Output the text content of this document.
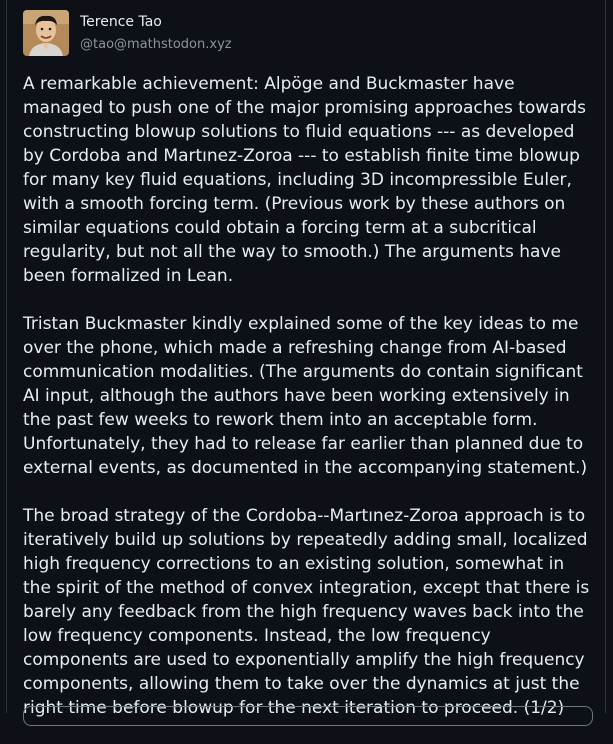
Terence Tao
@tao@mathstodon.xyz

A remarkable achievement: Alpöge and Buckmaster have managed to push one of the major promising approaches towards constructing blowup solutions to fluid equations --- as developed by Cordoba and Martınez-Zoroa --- to establish finite time blowup for many key fluid equations, including 3D incompressible Euler, with a smooth forcing term. (Previous work by these authors on similar equations could obtain a forcing term at a subcritical regularity, but not all the way to smooth.) The arguments have been formalized in Lean.

Tristan Buckmaster kindly explained some of the key ideas to me over the phone, which made a refreshing change from AI-based communication modalities. (The arguments do contain significant AI input, although the authors have been working extensively in the past few weeks to rework them into an acceptable form. Unfortunately, they had to release far earlier than planned due to external events, as documented in the accompanying statement.)

The broad strategy of the Cordoba--Martınez-Zoroa approach is to iteratively build up solutions by repeatedly adding small, localized high frequency corrections to an existing solution, somewhat in the spirit of the method of convex integration, except that there is barely any feedback from the high frequency waves back into the low frequency components. Instead, the low frequency components are used to exponentially amplify the high frequency components, allowing them to take over the dynamics at just the right time before blowup for the next iteration to proceed. (1/2)
